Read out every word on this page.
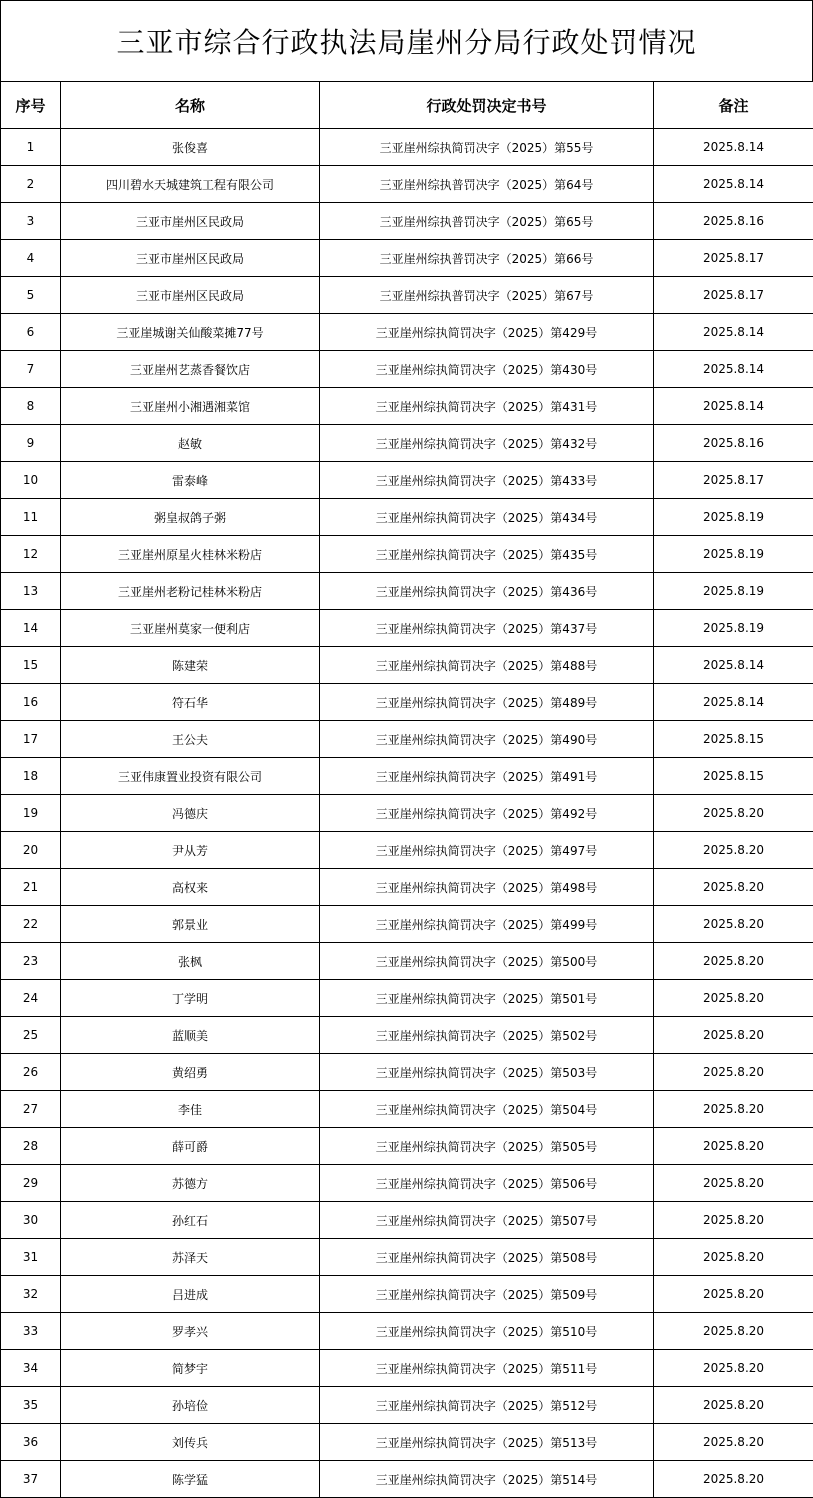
三亚市综合行政执法局崖州分局行政处罚情况
序号	名称	行政处罚决定书号	备注
1	张俊喜	三亚崖州综执简罚决字（2025）第55号	2025.8.14
2	四川碧水天城建筑工程有限公司	三亚崖州综执普罚决字（2025）第64号	2025.8.14
3	三亚市崖州区民政局	三亚崖州综执普罚决字（2025）第65号	2025.8.16
4	三亚市崖州区民政局	三亚崖州综执普罚决字（2025）第66号	2025.8.17
5	三亚市崖州区民政局	三亚崖州综执普罚决字（2025）第67号	2025.8.17
6	三亚崖城谢关仙酸菜摊77号	三亚崖州综执简罚决字（2025）第429号	2025.8.14
7	三亚崖州艺蒸香餐饮店	三亚崖州综执简罚决字（2025）第430号	2025.8.14
8	三亚崖州小湘遇湘菜馆	三亚崖州综执简罚决字（2025）第431号	2025.8.14
9	赵敏	三亚崖州综执简罚决字（2025）第432号	2025.8.16
10	雷泰峰	三亚崖州综执简罚决字（2025）第433号	2025.8.17
11	粥皇叔鸽子粥	三亚崖州综执简罚决字（2025）第434号	2025.8.19
12	三亚崖州原星火桂林米粉店	三亚崖州综执简罚决字（2025）第435号	2025.8.19
13	三亚崖州老粉记桂林米粉店	三亚崖州综执简罚决字（2025）第436号	2025.8.19
14	三亚崖州莫家一便利店	三亚崖州综执简罚决字（2025）第437号	2025.8.19
15	陈建荣	三亚崖州综执简罚决字（2025）第488号	2025.8.14
16	符石华	三亚崖州综执简罚决字（2025）第489号	2025.8.14
17	王公夫	三亚崖州综执简罚决字（2025）第490号	2025.8.15
18	三亚伟康置业投资有限公司	三亚崖州综执简罚决字（2025）第491号	2025.8.15
19	冯德庆	三亚崖州综执简罚决字（2025）第492号	2025.8.20
20	尹从芳	三亚崖州综执简罚决字（2025）第497号	2025.8.20
21	高权来	三亚崖州综执简罚决字（2025）第498号	2025.8.20
22	郭景业	三亚崖州综执简罚决字（2025）第499号	2025.8.20
23	张枫	三亚崖州综执简罚决字（2025）第500号	2025.8.20
24	丁学明	三亚崖州综执简罚决字（2025）第501号	2025.8.20
25	蓝顺美	三亚崖州综执简罚决字（2025）第502号	2025.8.20
26	黄绍勇	三亚崖州综执简罚决字（2025）第503号	2025.8.20
27	李佳	三亚崖州综执简罚决字（2025）第504号	2025.8.20
28	薛可爵	三亚崖州综执简罚决字（2025）第505号	2025.8.20
29	苏德方	三亚崖州综执简罚决字（2025）第506号	2025.8.20
30	孙红石	三亚崖州综执简罚决字（2025）第507号	2025.8.20
31	苏泽天	三亚崖州综执简罚决字（2025）第508号	2025.8.20
32	吕进成	三亚崖州综执简罚决字（2025）第509号	2025.8.20
33	罗孝兴	三亚崖州综执简罚决字（2025）第510号	2025.8.20
34	简梦宇	三亚崖州综执简罚决字（2025）第511号	2025.8.20
35	孙培俭	三亚崖州综执简罚决字（2025）第512号	2025.8.20
36	刘传兵	三亚崖州综执简罚决字（2025）第513号	2025.8.20
37	陈学猛	三亚崖州综执简罚决字（2025）第514号	2025.8.20
